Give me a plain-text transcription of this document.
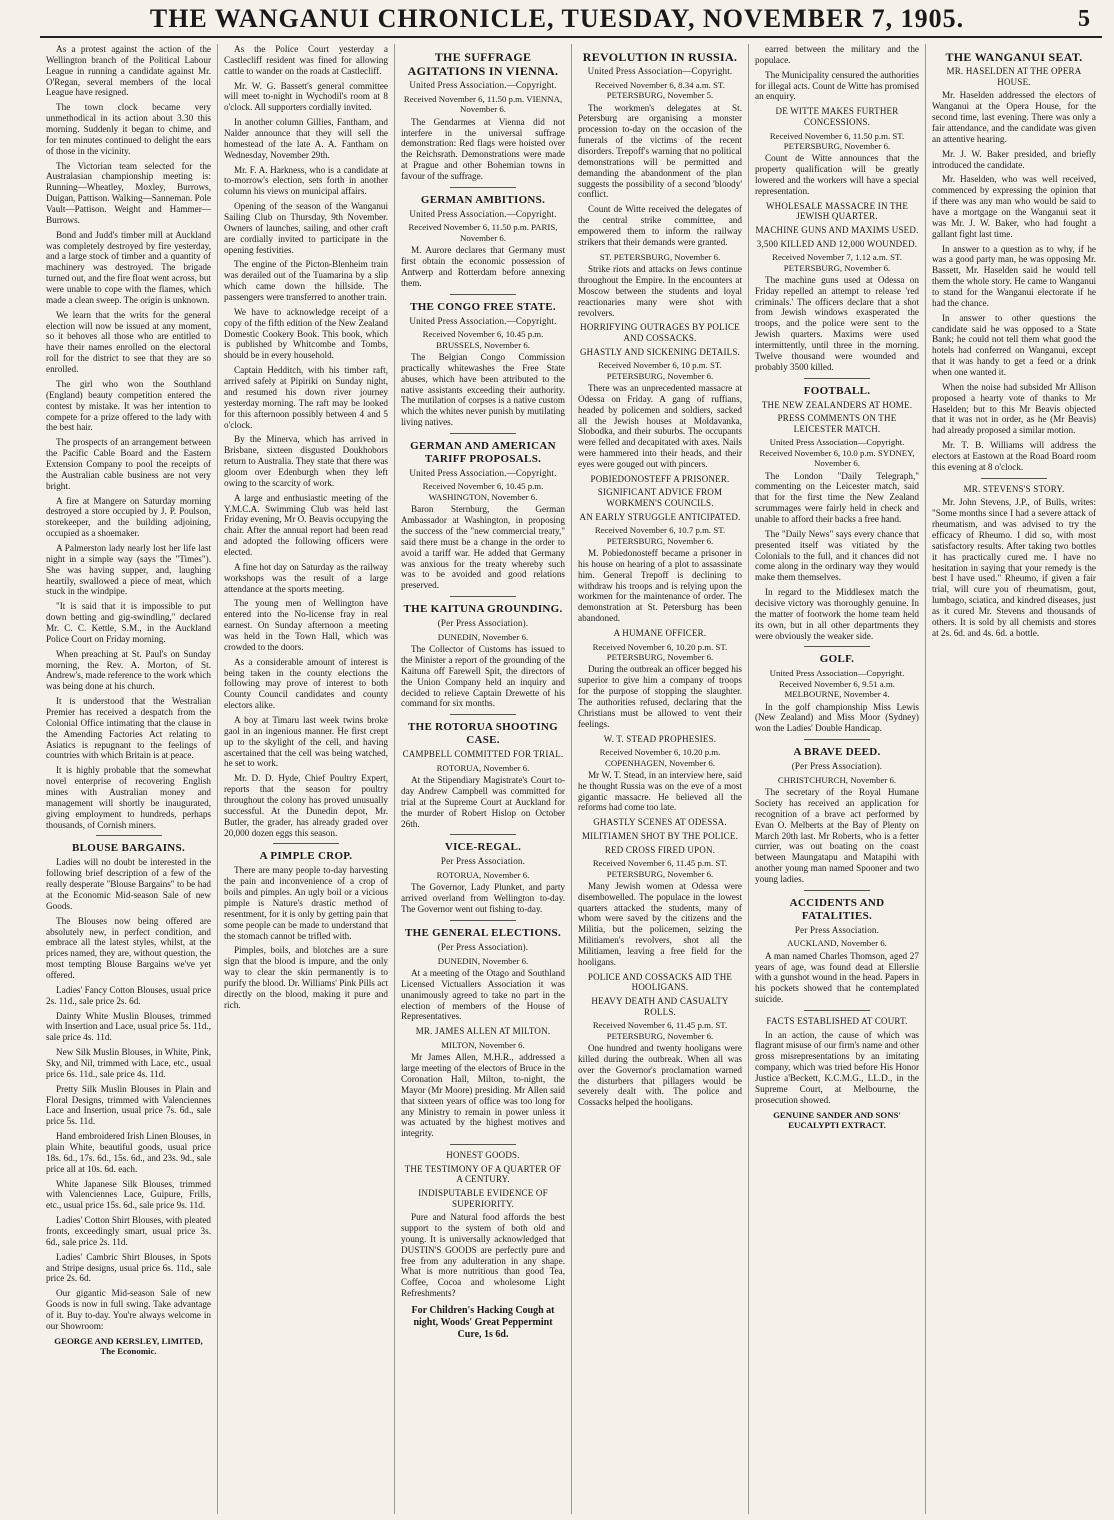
THE WANGANUI CHRONICLE, TUESDAY, NOVEMBER 7, 1905.	5

As a protest against the action of the Wellington branch of the Political Labour League in running a candidate against Mr. O'Regan, several members of the local League have resigned.

The town clock became very unmethodical in its action about 3.30 this morning. Suddenly it began to chime, and for ten minutes continued to delight the ears of those in the vicinity.

The Victorian team selected for the Australasian championship meeting is: Running—Wheatley, Moxley, Burrows, Duigan, Pattison. Walking—Sanneman. Pole Vault—Pattison. Weight and Hammer—Burrows.

Bond and Judd's timber mill at Auckland was completely destroyed by fire yesterday, and a large stock of timber and a quantity of machinery was destroyed. The brigade turned out, and the fire float went across, but were unable to cope with the flames, which made a clean sweep. The origin is unknown.

We learn that the writs for the general election will now be issued at any moment, so it behoves all those who are entitled to have their names enrolled on the electoral roll for the district to see that they are so enrolled.

The girl who won the Southland (England) beauty competition entered the contest by mistake. It was her intention to compete for a prize offered to the lady with the best hair.

The prospects of an arrangement between the Pacific Cable Board and the Eastern Extension Company to pool the receipts of the Australian cable business are not very bright.

A fire at Mangere on Saturday morning destroyed a store occupied by J. P. Poulson, storekeeper, and the building adjoining, occupied as a shoemaker.

A Palmerston lady nearly lost her life last night in a simple way (says the "Times"). She was having supper, and, laughing heartily, swallowed a piece of meat, which stuck in the windpipe.

"It is said that it is impossible to put down betting and gig-swindling," declared Mr. C. C. Kettle, S.M., in the Auckland Police Court on Friday morning.

When preaching at St. Paul's on Sunday morning, the Rev. A. Morton, of St. Andrew's, made reference to the work which was being done at his church.

It is understood that the Westralian Premier has received a despatch from the Colonial Office intimating that the clause in the Amending Factories Act relating to Asiatics is repugnant to the feelings of countries with which Britain is at peace.

It is highly probable that the somewhat novel enterprise of recovering English mines with Australian money and management will shortly be inaugurated, giving employment to hundreds, perhaps thousands, of Cornish miners.

BLOUSE BARGAINS.

Ladies will no doubt be interested in the following brief description of a few of the really desperate "Blouse Bargains" to be had at the Economic Mid-season Sale of new Goods.

The Blouses now being offered are absolutely new, in perfect condition, and embrace all the latest styles, whilst, at the prices named, they are, without question, the most tempting Blouse Bargains we've yet offered.

Ladies' Fancy Cotton Blouses, usual price 2s. 11d., sale price 2s. 6d.

Dainty White Muslin Blouses, trimmed with Insertion and Lace, usual price 5s. 11d., sale price 4s. 11d.

New Silk Muslin Blouses, in White, Pink, Sky, and Nil, trimmed with Lace, etc., usual price 6s. 11d., sale price 4s. 11d.

Pretty Silk Muslin Blouses in Plain and Floral Designs, trimmed with Valenciennes Lace and Insertion, usual price 7s. 6d., sale price 5s. 11d.

Hand embroidered Irish Linen Blouses, in plain White, beautiful goods, usual price 18s. 6d., 17s. 6d., 15s. 6d., and 23s. 9d., sale price all at 10s. 6d. each.

White Japanese Silk Blouses, trimmed with Valenciennes Lace, Guipure, Frills, etc., usual price 15s. 6d., sale price 9s. 11d.

Ladies' Cotton Shirt Blouses, with pleated fronts, exceedingly smart, usual price 3s. 6d., sale price 2s. 11d.

Ladies' Cambric Shirt Blouses, in Spots and Stripe designs, usual price 6s. 11d., sale price 2s. 6d.

Our gigantic Mid-season Sale of new Goods is now in full swing. Take advantage of it. Buy to-day. You're always welcome in our Showroom:

GEORGE AND KERSLEY, LIMITED, The Economic.

As the Police Court yesterday a Castlecliff resident was fined for allowing cattle to wander on the roads at Castlecliff.

Mr. W. G. Bassett's general committee will meet to-night in Wychodil's room at 8 o'clock. All supporters cordially invited.

In another column Gillies, Fantham, and Nalder announce that they will sell the homestead of the late A. A. Fantham on Wednesday, November 29th.

Mr. F. A. Harkness, who is a candidate at to-morrow's election, sets forth in another column his views on municipal affairs.

Opening of the season of the Wanganui Sailing Club on Thursday, 9th November. Owners of launches, sailing, and other craft are cordially invited to participate in the opening festivities.

The engine of the Picton-Blenheim train was derailed out of the Tuamarina by a slip which came down the hillside. The passengers were transferred to another train.

We have to acknowledge receipt of a copy of the fifth edition of the New Zealand Domestic Cookery Book. This book, which is published by Whitcombe and Tombs, should be in every household.

Captain Hedditch, with his timber raft, arrived safely at Pipiriki on Sunday night, and resumed his down river journey yesterday morning. The raft may be looked for this afternoon possibly between 4 and 5 o'clock.

By the Minerva, which has arrived in Brisbane, sixteen disgusted Doukhobors return to Australia. They state that there was gloom over Edenburgh when they left owing to the scarcity of work.

A large and enthusiastic meeting of the Y.M.C.A. Swimming Club was held last Friday evening, Mr O. Beavis occupying the chair. After the annual report had been read and adopted the following officers were elected.

A fine hot day on Saturday as the railway workshops was the result of a large attendance at the sports meeting.

The young men of Wellington have entered into the No-license fray in real earnest. On Sunday afternoon a meeting was held in the Town Hall, which was crowded to the doors.

As a considerable amount of interest is being taken in the county elections the following may prove of interest to both County Council candidates and county electors alike.

A boy at Timaru last week twins broke gaol in an ingenious manner. He first crept up to the skylight of the cell, and having ascertained that the cell was being watched, he set to work.

Mr. D. D. Hyde, Chief Poultry Expert, reports that the season for poultry throughout the colony has proved unusually successful. At the Dunedin depot, Mr. Butler, the grader, has already graded over 20,000 dozen eggs this season.

A PIMPLE CROP.

There are many people to-day harvesting the pain and inconvenience of a crop of boils and pimples. An ugly boil or a vicious pimple is Nature's drastic method of resentment, for it is only by getting pain that some people can be made to understand that the stomach cannot be trifled with.

Pimples, boils, and blotches are a sure sign that the blood is impure, and the only way to clear the skin permanently is to purify the blood. Dr. Williams' Pink Pills act directly on the blood, making it pure and rich.

THE SUFFRAGE AGITATIONS IN VIENNA.
United Press Association.—Copyright.
Received November 6, 11.50 p.m. VIENNA, November 6.

The Gendarmes at Vienna did not interfere in the universal suffrage demonstration: Red flags were hoisted over the Reichsrath. Demonstrations were made at Prague and other Bohemian towns in favour of the suffrage.

GERMAN AMBITIONS.
United Press Association.—Copyright.
Received November 6, 11.50 p.m. PARIS, November 6.

M. Aurore declares that Germany must first obtain the economic possession of Antwerp and Rotterdam before annexing them.

THE CONGO FREE STATE.
United Press Association.—Copyright.
Received November 6, 10.45 p.m. BRUSSELS, November 6.

The Belgian Congo Commission practically whitewashes the Free State abuses, which have been attributed to the native assistants exceeding their authority. The mutilation of corpses is a native custom which the whites never punish by mutilating living natives.

GERMAN AND AMERICAN TARIFF PROPOSALS.
United Press Association.—Copyright.
Received November 6, 10.45 p.m. WASHINGTON, November 6.

Baron Sternburg, the German Ambassador at Washington, in proposing the success of the "new commercial treaty," said there must be a change in the order to avoid a tariff war. He added that Germany was anxious for the treaty whereby such was to be avoided and good relations preserved.

THE KAITUNA GROUNDING.
(Per Press Association).
DUNEDIN, November 6.

The Collector of Customs has issued to the Minister a report of the grounding of the Kaituna off Farewell Spit, the directors of the Union Company held an inquiry and decided to relieve Captain Drewette of his command for six months.

THE ROTORUA SHOOTING CASE.
CAMPBELL COMMITTED FOR TRIAL.
ROTORUA, November 6.

At the Stipendiary Magistrate's Court to-day Andrew Campbell was committed for trial at the Supreme Court at Auckland for the murder of Robert Hislop on October 26th.

VICE-REGAL.
Per Press Association.
ROTORUA, November 6.

The Governor, Lady Plunket, and party arrived overland from Wellington to-day. The Governor went out fishing to-day.

THE GENERAL ELECTIONS.
(Per Press Association).
DUNEDIN, November 6.

At a meeting of the Otago and Southland Licensed Victuallers Association it was unanimously agreed to take no part in the election of members of the House of Representatives.

MR. JAMES ALLEN AT MILTON.
MILTON, November 6.

Mr James Allen, M.H.R., addressed a large meeting of the electors of Bruce in the Coronation Hall, Milton, to-night, the Mayor (Mr Moore) presiding. Mr Allen said that sixteen years of office was too long for any Ministry to remain in power unless it was actuated by the highest motives and integrity.

HONEST GOODS.
THE TESTIMONY OF A QUARTER OF A CENTURY.
INDISPUTABLE EVIDENCE OF SUPERIORITY.

Pure and Natural food affords the best support to the system of both old and young. It is universally acknowledged that DUSTIN'S GOODS are perfectly pure and free from any adulteration in any shape. What is more nutritious than good Tea, Coffee, Cocoa and wholesome Light Refreshments?

For Children's Hacking Cough at night, Woods' Great Peppermint Cure, 1s 6d.
REVOLUTION IN RUSSIA.
United Press Association—Copyright.
Received November 6, 8.34 a.m. ST. PETERSBURG, November 5.

The workmen's delegates at St. Petersburg are organising a monster procession to-day on the occasion of the funerals of the victims of the recent disorders. Trepoff's warning that no political demonstrations will be permitted and demanding the abandonment of the plan suggests the possibility of a second 'bloody' conflict.

Count de Witte received the delegates of the central strike committee, and empowered them to inform the railway strikers that their demands were granted.

ST. PETERSBURG, November 6.

Strike riots and attacks on Jews continue throughout the Empire. In the encounters at Moscow between the students and loyal reactionaries many were shot with revolvers.

HORRIFYING OUTRAGES BY POLICE AND COSSACKS.
GHASTLY AND SICKENING DETAILS.
Received November 6, 10 p.m. ST. PETERSBURG, November 6.

There was an unprecedented massacre at Odessa on Friday. A gang of ruffians, headed by policemen and soldiers, sacked all the Jewish houses at Moldavanka, Slobodka, and their suburbs. The occupants were felled and decapitated with axes. Nails were hammered into their heads, and their eyes were gouged out with pincers.

POBIEDONOSTEFF A PRISONER.
SIGNIFICANT ADVICE FROM WORKMEN'S COUNCILS.
AN EARLY STRUGGLE ANTICIPATED.
Received November 6, 10.7 p.m. ST. PETERSBURG, November 6.

M. Pobiedonosteff became a prisoner in his house on hearing of a plot to assassinate him. General Trepoff is declining to withdraw his troops and is relying upon the workmen for the maintenance of order. The demonstration at St. Petersburg has been abandoned.

A HUMANE OFFICER.
Received November 6, 10.20 p.m. ST. PETERSBURG, November 6.

During the outbreak an officer begged his superior to give him a company of troops for the purpose of stopping the slaughter. The authorities refused, declaring that the Christians must be allowed to vent their feelings.

W. T. STEAD PROPHESIES.
Received November 6, 10.20 p.m. COPENHAGEN, November 6.

Mr W. T. Stead, in an interview here, said he thought Russia was on the eve of a most gigantic massacre. He believed all the reforms had come too late.

GHASTLY SCENES AT ODESSA.
MILITIAMEN SHOT BY THE POLICE.
RED CROSS FIRED UPON.
Received November 6, 11.45 p.m. ST. PETERSBURG, November 6.

Many Jewish women at Odessa were disembowelled. The populace in the lowest quarters attacked the students, many of whom were saved by the citizens and the Militia, but the policemen, seizing the Militiamen's revolvers, shot all the Militiamen, leaving a free field for the hooligans.

POLICE AND COSSACKS AID THE HOOLIGANS.
HEAVY DEATH AND CASUALTY ROLLS.
Received November 6, 11.45 p.m. ST. PETERSBURG, November 6.

One hundred and twenty hooligans were killed during the outbreak. When all was over the Governor's proclamation warned the disturbers that pillagers would be severely dealt with. The police and Cossacks helped the hooligans.

earred between the military and the populace.

The Municipality censured the authorities for illegal acts. Count de Witte has promised an enquiry.

DE WITTE MAKES FURTHER CONCESSIONS.
Received November 6, 11.50 p.m. ST. PETERSBURG, November 6.

Count de Witte announces that the property qualification will be greatly lowered and the workers will have a special representation.

WHOLESALE MASSACRE IN THE JEWISH QUARTER.
MACHINE GUNS AND MAXIMS USED.
3,500 KILLED AND 12,000 WOUNDED.
Received November 7, 1.12 a.m. ST. PETERSBURG, November 6.

The machine guns used at Odessa on Friday repelled an attempt to release 'red criminals.' The officers declare that a shot from Jewish windows exasperated the troops, and the police were sent to the Jewish quarters. Maxims were used intermittently, until three in the morning. Twelve thousand were wounded and probably 3500 killed.

FOOTBALL.
THE NEW ZEALANDERS AT HOME.
PRESS COMMENTS ON THE LEICESTER MATCH.
United Press Association—Copyright. Received November 6, 10.0 p.m. SYDNEY, November 6.

The London "Daily Telegraph," commenting on the Leicester match, said that for the first time the New Zealand scrummages were fairly held in check and unable to afford their backs a free hand.

The "Daily News" says every chance that presented itself was vitiated by the Colonials to the full, and it chances did not come along in the ordinary way they would make them themselves.

In regard to the Middlesex match the decisive victory was thoroughly genuine. In the matter of footwork the home team held its own, but in all other departments they were obviously the weaker side.

GOLF.
United Press Association—Copyright. Received November 6, 9.51 a.m. MELBOURNE, November 4.

In the golf championship Miss Lewis (New Zealand) and Miss Moor (Sydney) won the Ladies' Double Handicap.

A BRAVE DEED.
(Per Press Association).
CHRISTCHURCH, November 6.

The secretary of the Royal Humane Society has received an application for recognition of a brave act performed by Evan O. Melberts at the Bay of Plenty on March 20th last. Mr Roberts, who is a fetter currier, was out boating on the coast between Maungatapu and Matapihi with another young man named Spooner and two young ladies.

ACCIDENTS AND FATALITIES.
Per Press Association.
AUCKLAND, November 6.

A man named Charles Thomson, aged 27 years of age, was found dead at Ellerslie with a gunshot wound in the head. Papers in his pockets showed that he contemplated suicide.

FACTS ESTABLISHED AT COURT.

In an action, the cause of which was flagrant misuse of our firm's name and other gross misrepresentations by an imitating company, which was tried before His Honor Justice a'Beckett, K.C.M.G., LL.D., in the Supreme Court, at Melbourne, the prosecution showed.

GENUINE SANDER AND SONS' EUCALYPTI EXTRACT.
THE WANGANUI SEAT.
MR. HASELDEN AT THE OPERA HOUSE.

Mr. Haselden addressed the electors of Wanganui at the Opera House, for the second time, last evening. There was only a fair attendance, and the candidate was given an attentive hearing.

Mr. J. W. Baker presided, and briefly introduced the candidate.

Mr. Haselden, who was well received, commenced by expressing the opinion that if there was any man who would be said to have a mortgage on the Wanganui seat it was Mr. J. W. Baker, who had fought a gallant fight last time.

In answer to a question as to why, if he was a good party man, he was opposing Mr. Bassett, Mr. Haselden said he would tell them the whole story. He came to Wanganui to stand for the Wanganui electorate if he had the chance.

In answer to other questions the candidate said he was opposed to a State Bank; he could not tell them what good the hotels had conferred on Wanganui, except that it was handy to get a feed or a drink when one wanted it.

When the noise had subsided Mr Allison proposed a hearty vote of thanks to Mr Haselden; but to this Mr Beavis objected that it was not in order, as he (Mr Beavis) had already proposed a similar motion.

Mr. T. B. Williams will address the electors at Eastown at the Road Board room this evening at 8 o'clock.

MR. STEVENS'S STORY.

Mr. John Stevens, J.P., of Bulls, writes: "Some months since I had a severe attack of rheumatism, and was advised to try the efficacy of Rheumo. I did so, with most satisfactory results. After taking two bottles it has practically cured me. I have no hesitation in saying that your remedy is the best I have used." Rheumo, if given a fair trial, will cure you of rheumatism, gout, lumbago, sciatica, and kindred diseases, just as it cured Mr. Stevens and thousands of others. It is sold by all chemists and stores at 2s. 6d. and 4s. 6d. a bottle.
